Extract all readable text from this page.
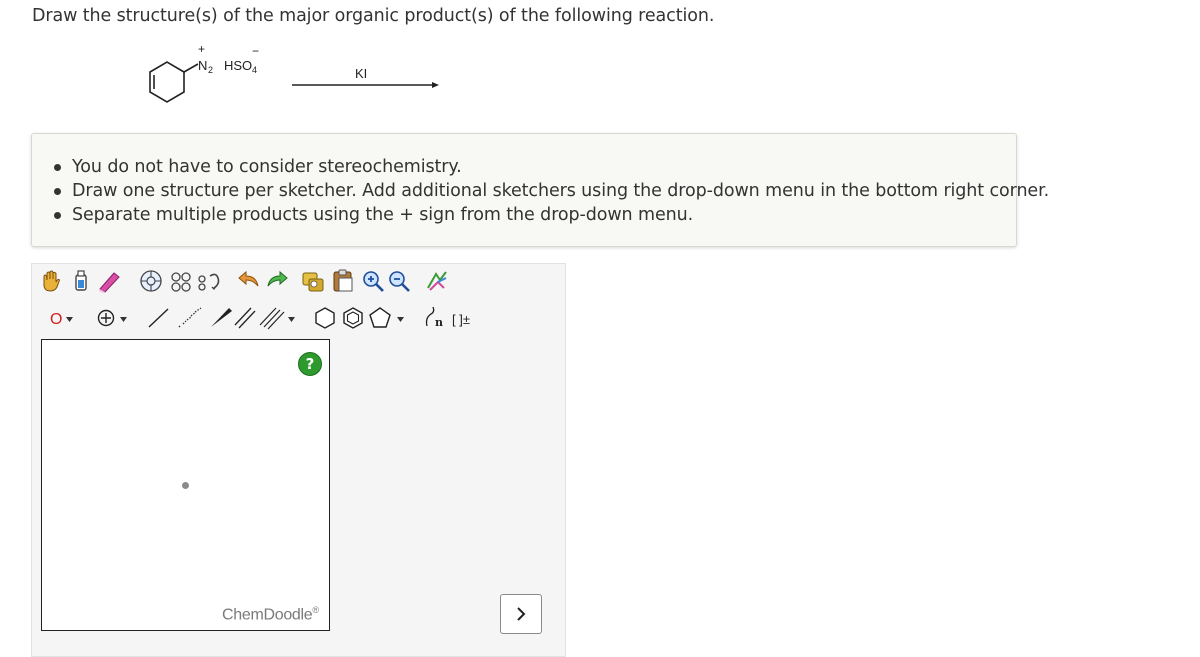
Draw the structure(s) of the major organic product(s) of the following reaction.
+
N 2 HSO 4
−
KI
You do not have to consider stereochemistry.
Draw one structure per sketcher. Add additional sketchers using the drop-down menu in the bottom right corner.
Separate multiple products using the + sign from the drop-down menu.
O	n [ ]±
?
ChemDoodle®
